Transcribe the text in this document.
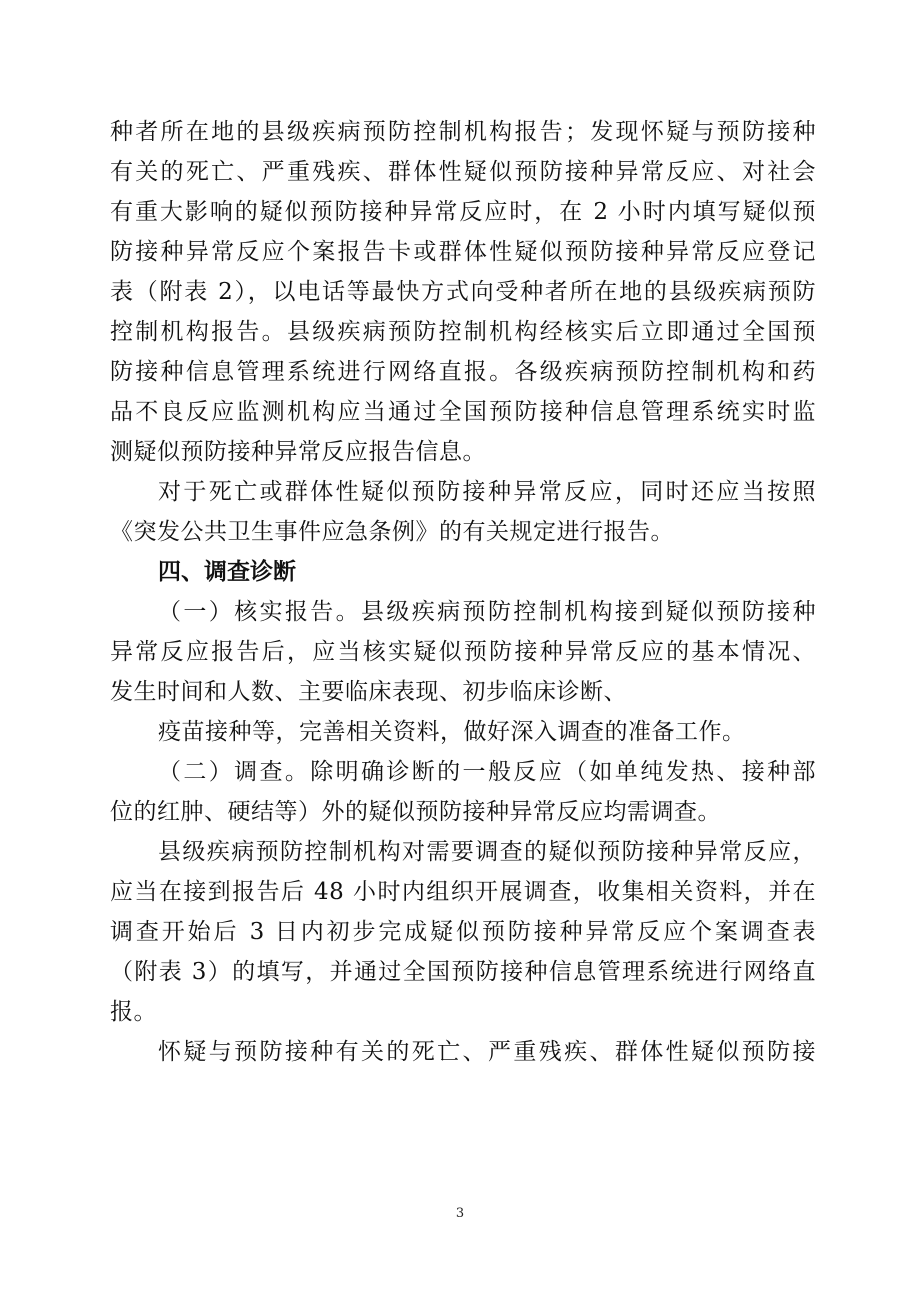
种者所在地的县级疾病预防控制机构报告；发现怀疑与预防接种
有关的死亡、严重残疾、群体性疑似预防接种异常反应、对社会
有重大影响的疑似预防接种异常反应时，在 2 小时内填写疑似预
防接种异常反应个案报告卡或群体性疑似预防接种异常反应登记
表（附表 2），以电话等最快方式向受种者所在地的县级疾病预防
控制机构报告。县级疾病预防控制机构经核实后立即通过全国预
防接种信息管理系统进行网络直报。各级疾病预防控制机构和药
品不良反应监测机构应当通过全国预防接种信息管理系统实时监
测疑似预防接种异常反应报告信息。
对于死亡或群体性疑似预防接种异常反应，同时还应当按照
《突发公共卫生事件应急条例》的有关规定进行报告。
四、调查诊断
（一）核实报告。县级疾病预防控制机构接到疑似预防接种
异常反应报告后，应当核实疑似预防接种异常反应的基本情况、
发生时间和人数、主要临床表现、初步临床诊断、
疫苗接种等，完善相关资料，做好深入调查的准备工作。
（二）调查。除明确诊断的一般反应（如单纯发热、接种部
位的红肿、硬结等）外的疑似预防接种异常反应均需调查。
县级疾病预防控制机构对需要调查的疑似预防接种异常反应，
应当在接到报告后 48 小时内组织开展调查，收集相关资料，并在
调查开始后 3 日内初步完成疑似预防接种异常反应个案调查表
（附表 3）的填写，并通过全国预防接种信息管理系统进行网络直
报。
怀疑与预防接种有关的死亡、严重残疾、群体性疑似预防接
3
